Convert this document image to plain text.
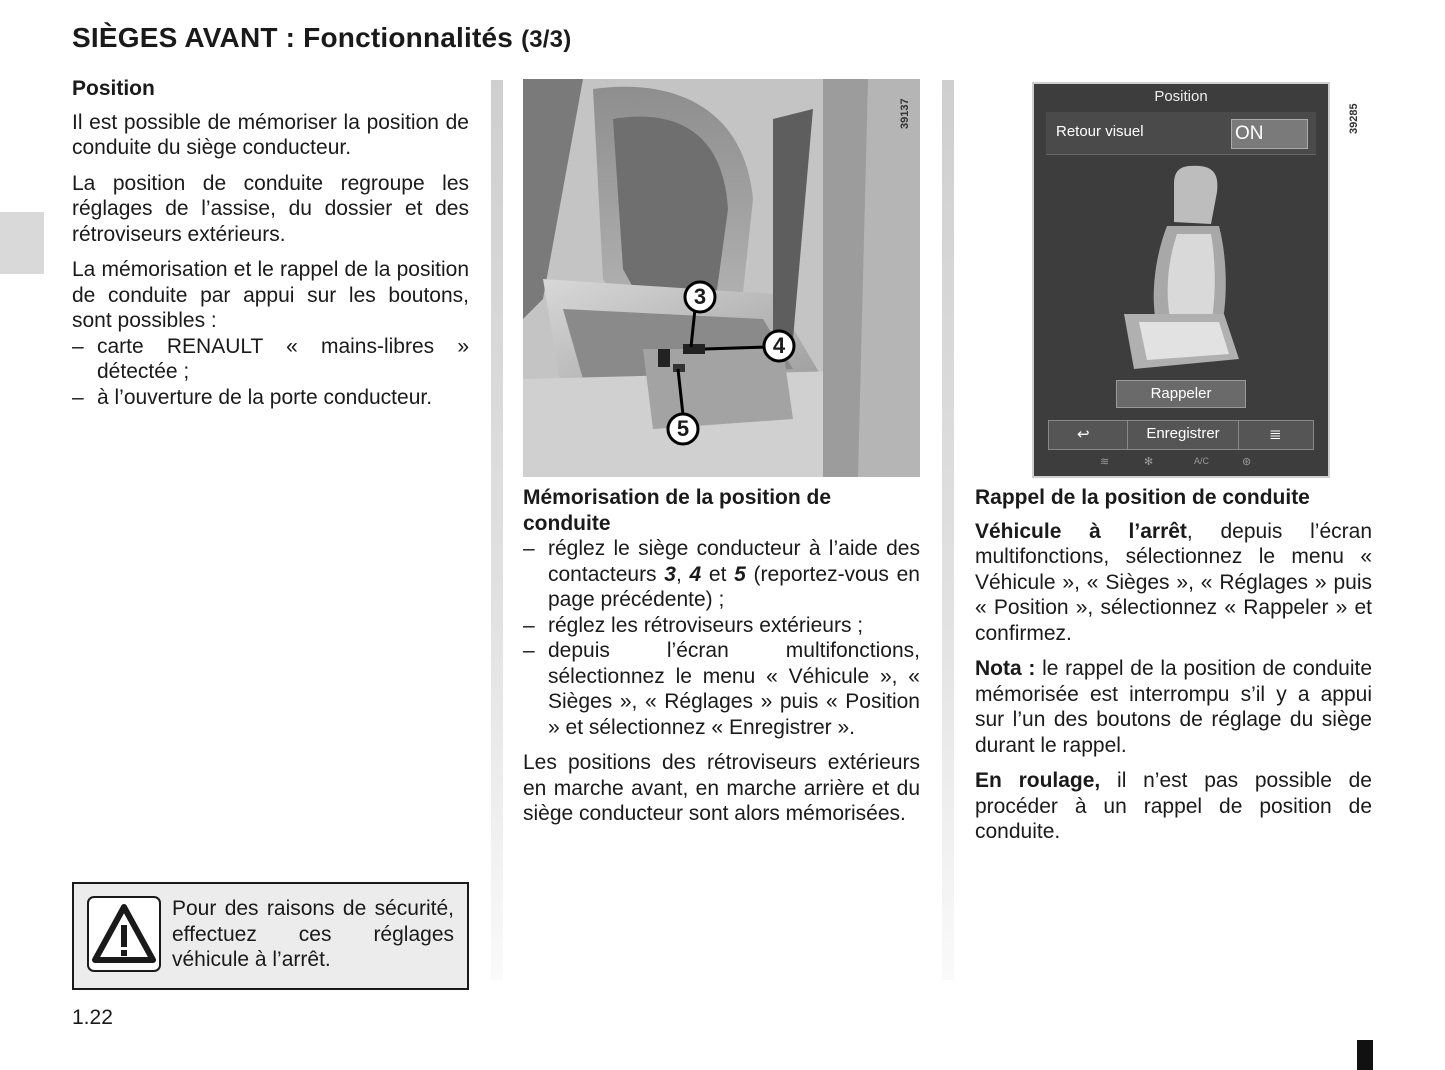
SIÈGES AVANT : Fonctionnalités (3/3)

Position

Il est possible de mémoriser la position de conduite du siège conducteur.

La position de conduite regroupe les réglages de l’assise, du dossier et des rétroviseurs extérieurs.

La mémorisation et le rappel de la position de conduite par appui sur les boutons, sont possibles :

– carte RENAULT « mains-libres » détectée ;
– à l’ouverture de la porte conducteur.
Pour des raisons de sécurité, effectuez ces réglages véhicule à l’arrêt.
1.22
3
4
5
39137

Mémorisation de la position de conduite

– réglez le siège conducteur à l’aide des contacteurs 3, 4 et 5 (reportez-vous en page précédente) ;
– réglez les rétroviseurs extérieurs ;
– depuis l’écran multifonctions, sélectionnez le menu « Véhicule », « Sièges », « Réglages » puis « Position » et sélectionnez « Enregistrer ».

Les positions des rétroviseurs extérieurs en marche avant, en marche arrière et du siège conducteur sont alors mémorisées.

Position
Retour visuel	ON
Rappeler
↩	Enregistrer	≣
≋	✻	A/C	⊛
39285

Rappel de la position de conduite

Véhicule à l’arrêt, depuis l’écran multifonctions, sélectionnez le menu « Véhicule », « Sièges », « Réglages » puis « Position », sélectionnez « Rappeler » et confirmez.

Nota : le rappel de la position de conduite mémorisée est interrompu s’il y a appui sur l’un des boutons de réglage du siège durant le rappel.

En roulage, il n’est pas possible de procéder à un rappel de position de conduite.
